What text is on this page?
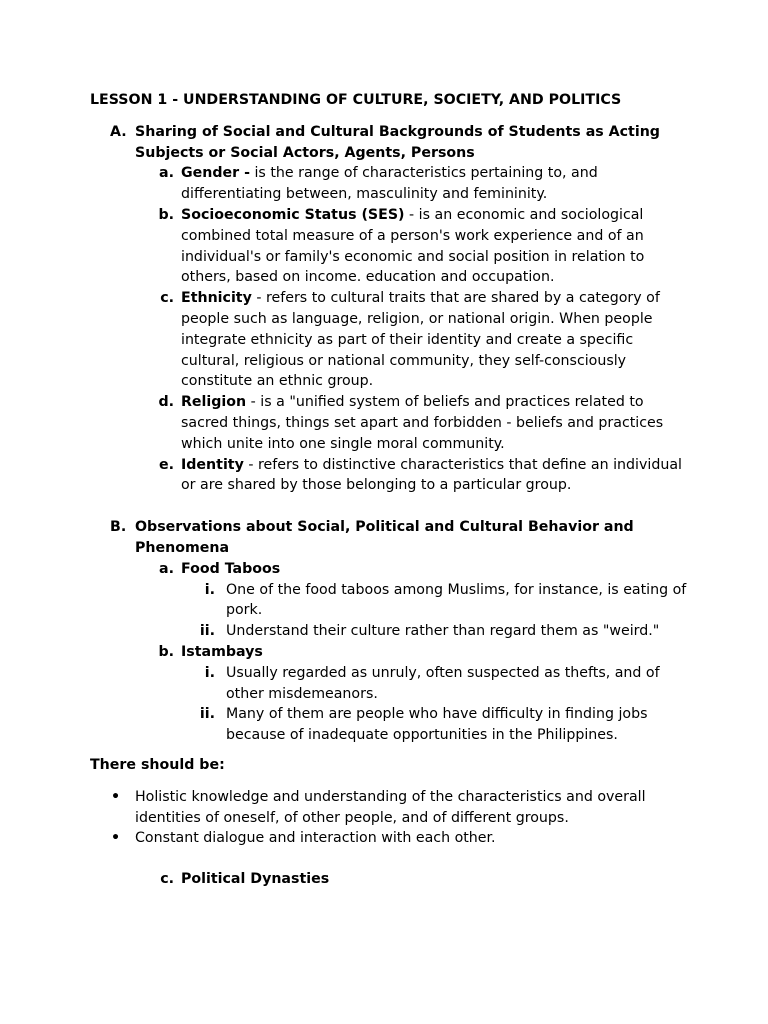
LESSON 1 - UNDERSTANDING OF CULTURE, SOCIETY, AND POLITICS
A. Sharing of Social and Cultural Backgrounds of Students as Acting Subjects or Social Actors, Agents, Persons
a. Gender - is the range of characteristics pertaining to, and differentiating between, masculinity and femininity.
b. Socioeconomic Status (SES) - is an economic and sociological combined total measure of a person's work experience and of an individual's or family's economic and social position in relation to others, based on income. education and occupation.
c. Ethnicity - refers to cultural traits that are shared by a category of people such as language, religion, or national origin. When people integrate ethnicity as part of their identity and create a specific cultural, religious or national community, they self-consciously constitute an ethnic group.
d. Religion - is a "unified system of beliefs and practices related to sacred things, things set apart and forbidden - beliefs and practices which unite into one single moral community.
e. Identity - refers to distinctive characteristics that define an individual or are shared by those belonging to a particular group.
B. Observations about Social, Political and Cultural Behavior and Phenomena
a. Food Taboos
i. One of the food taboos among Muslims, for instance, is eating of pork.
ii. Understand their culture rather than regard them as "weird."
b. Istambays
i. Usually regarded as unruly, often suspected as thefts, and of other misdemeanors.
ii. Many of them are people who have difficulty in finding jobs because of inadequate opportunities in the Philippines.
There should be:
• Holistic knowledge and understanding of the characteristics and overall identities of oneself, of other people, and of different groups.
• Constant dialogue and interaction with each other.
c. Political Dynasties
